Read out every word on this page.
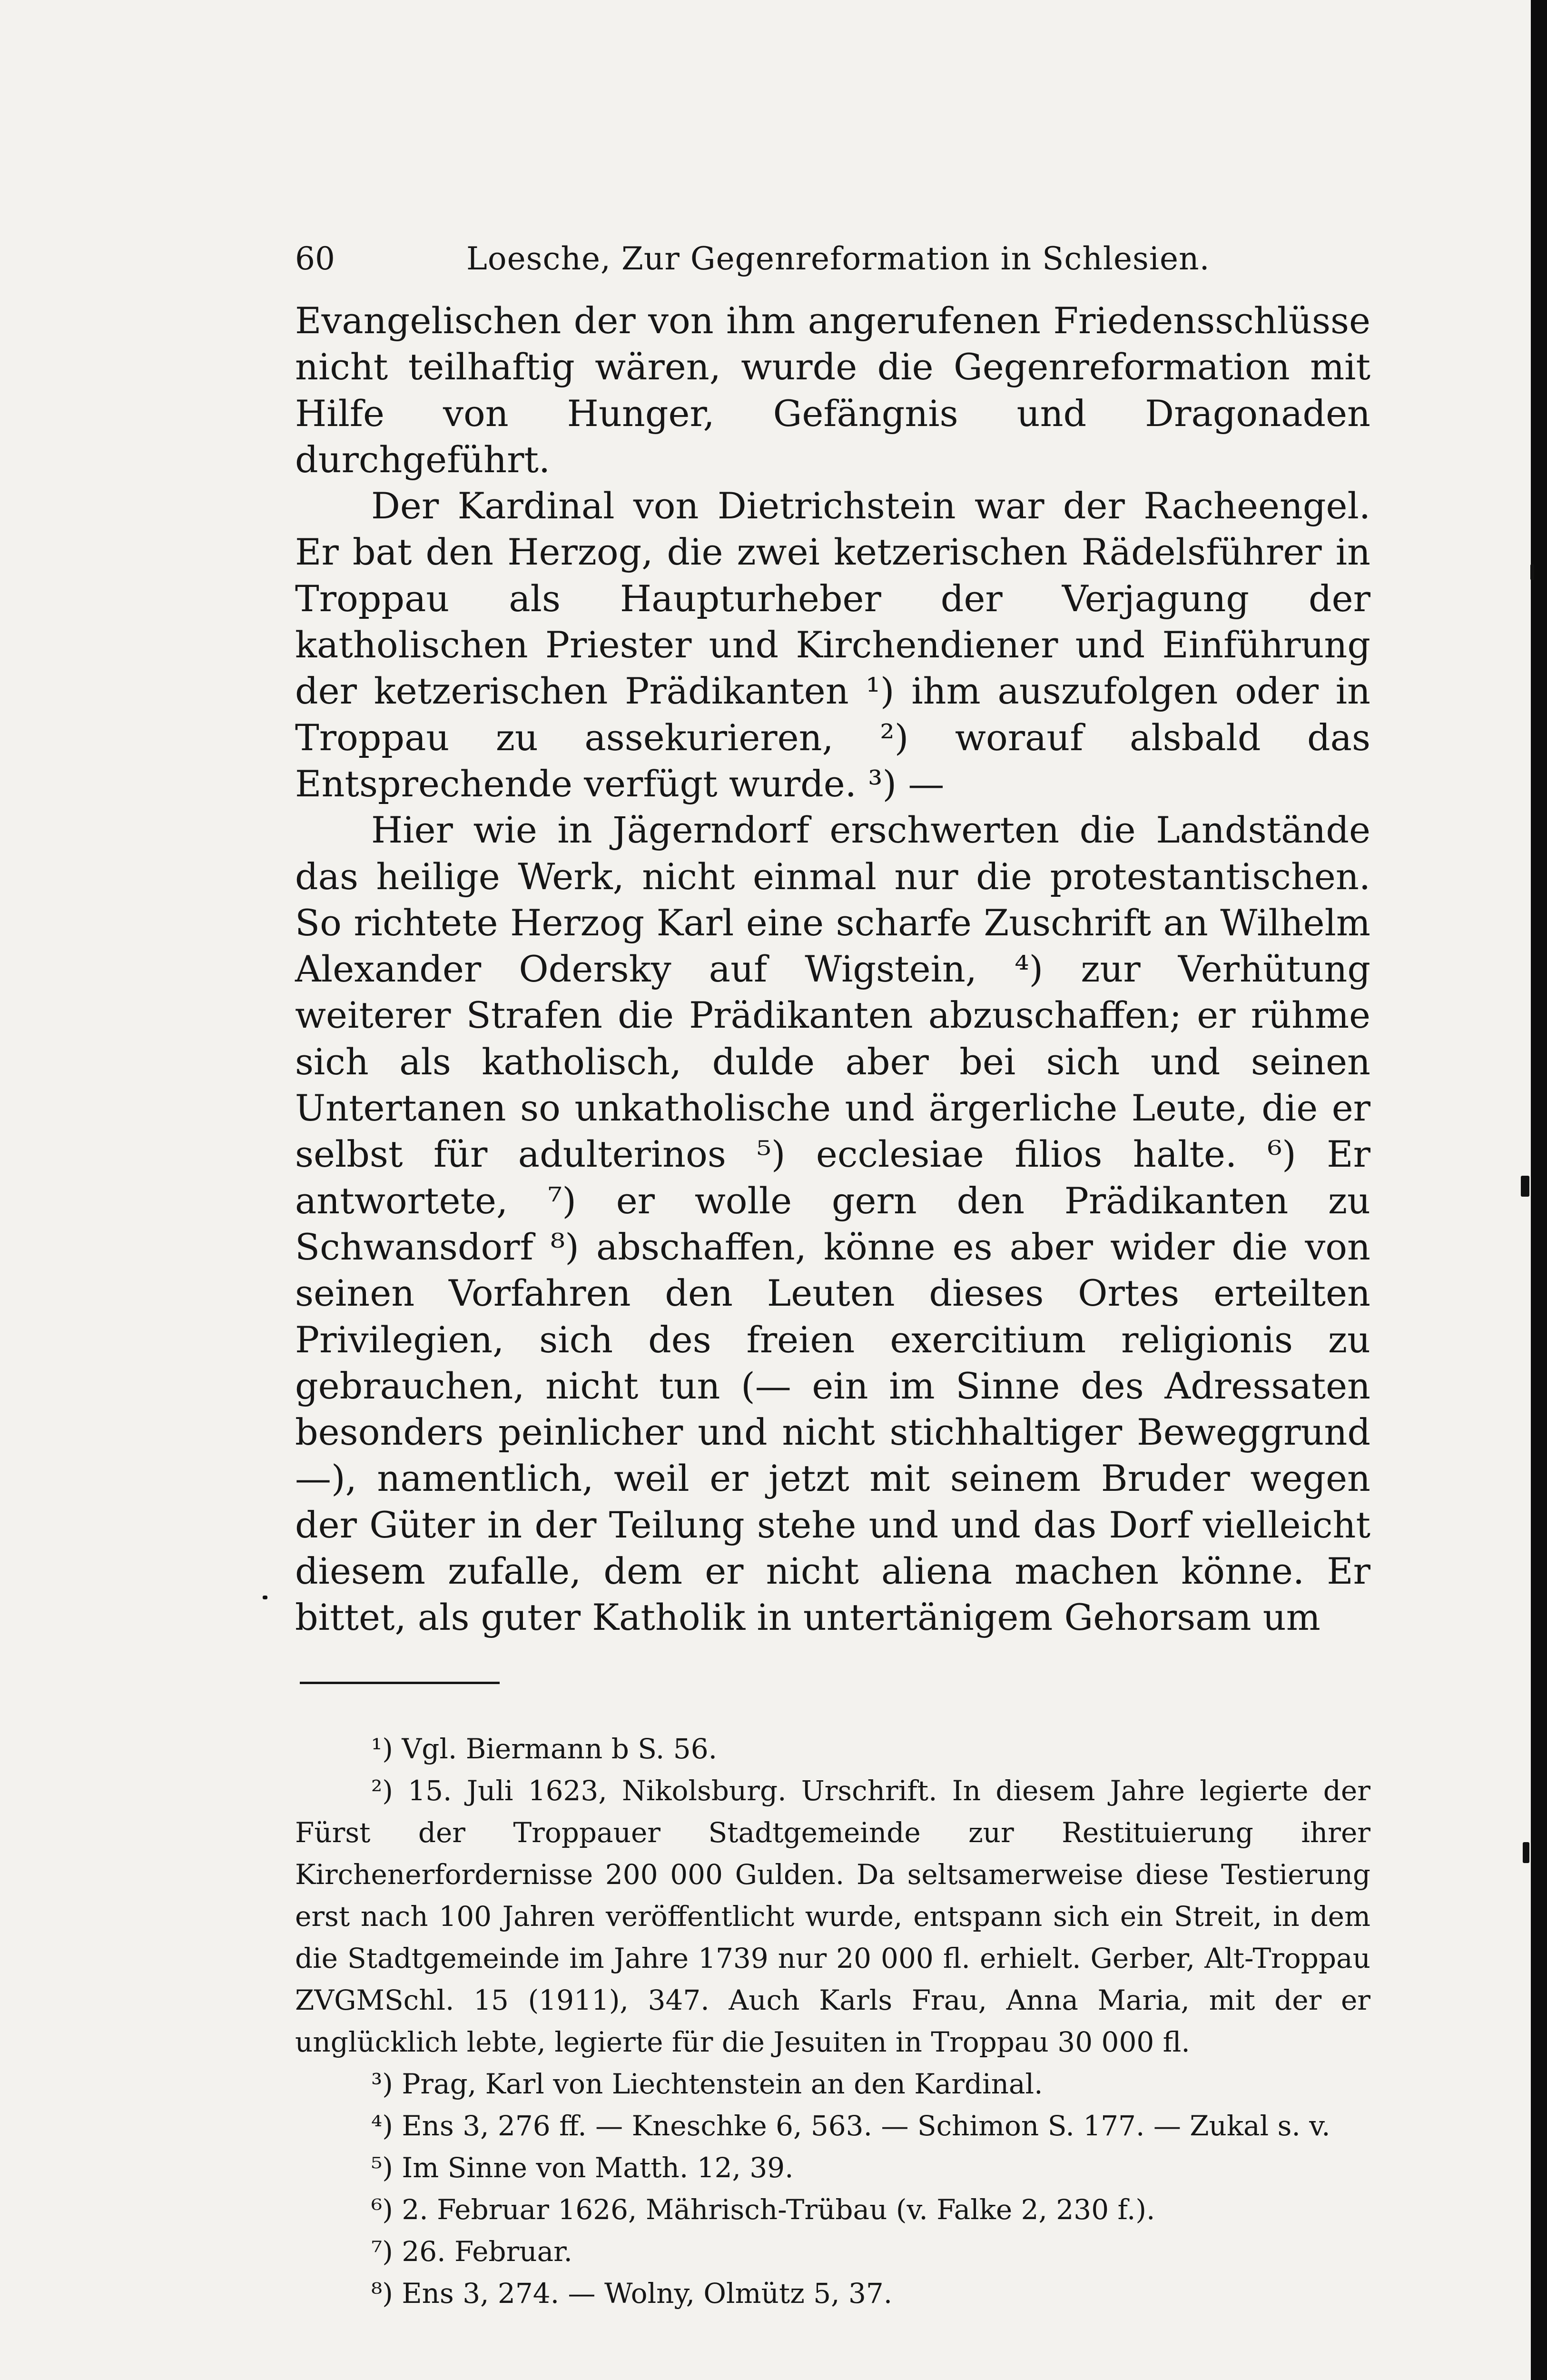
60	Loesche, Zur Gegenreformation in Schlesien.

Evangelischen der von ihm angerufenen Friedensschlüsse nicht teilhaftig wären, wurde die Gegenreformation mit Hilfe von Hunger, Gefängnis und Dragonaden durchgeführt.

Der Kardinal von Dietrichstein war der Racheengel. Er bat den Herzog, die zwei ketzerischen Rädelsführer in Troppau als Haupturheber der Verjagung der katholischen Priester und Kirchendiener und Einführung der ketzerischen Prädikanten ¹) ihm auszufolgen oder in Troppau zu assekurieren, ²) worauf alsbald das Entsprechende verfügt wurde. ³) —

Hier wie in Jägerndorf erschwerten die Landstände das heilige Werk, nicht einmal nur die protestantischen. So richtete Herzog Karl eine scharfe Zuschrift an Wilhelm Alexander Odersky auf Wigstein, ⁴) zur Verhütung weiterer Strafen die Prädikanten abzuschaffen; er rühme sich als katholisch, dulde aber bei sich und seinen Untertanen so unkatholische und ärgerliche Leute, die er selbst für adulterinos ⁵) ecclesiae filios halte. ⁶) Er antwortete, ⁷) er wolle gern den Prädikanten zu Schwansdorf ⁸) abschaffen, könne es aber wider die von seinen Vorfahren den Leuten dieses Ortes erteilten Privilegien, sich des freien exercitium religionis zu gebrauchen, nicht tun (— ein im Sinne des Adressaten besonders peinlicher und nicht stichhaltiger Beweggrund —), namentlich, weil er jetzt mit seinem Bruder wegen der Güter in der Teilung stehe und und das Dorf vielleicht diesem zufalle, dem er nicht aliena machen könne. Er bittet, als guter Katholik in untertänigem Gehorsam um

¹) Vgl. Biermann b S. 56.

²) 15. Juli 1623, Nikolsburg. Urschrift. In diesem Jahre legierte der Fürst der Troppauer Stadtgemeinde zur Restituierung ihrer Kirchenerfordernisse 200 000 Gulden. Da seltsamerweise diese Testierung erst nach 100 Jahren veröffentlicht wurde, entspann sich ein Streit, in dem die Stadtgemeinde im Jahre 1739 nur 20 000 fl. erhielt. Gerber, Alt-Troppau ZVGMSchl. 15 (1911), 347. Auch Karls Frau, Anna Maria, mit der er unglücklich lebte, legierte für die Jesuiten in Troppau 30 000 fl.

³) Prag, Karl von Liechtenstein an den Kardinal.

⁴) Ens 3, 276 ff. — Kneschke 6, 563. — Schimon S. 177. — Zukal s. v.

⁵) Im Sinne von Matth. 12, 39.

⁶) 2. Februar 1626, Mährisch-Trübau (v. Falke 2, 230 f.).

⁷) 26. Februar.

⁸) Ens 3, 274. — Wolny, Olmütz 5, 37.
